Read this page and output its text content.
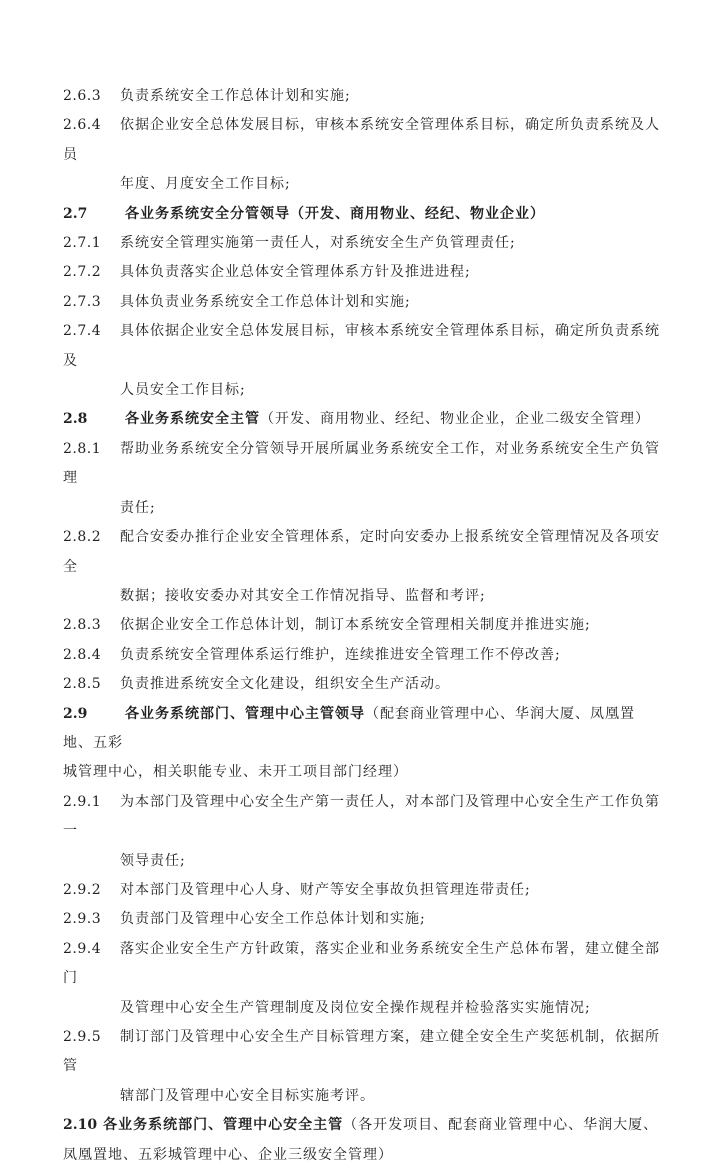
2.6.3 负责系统安全工作总体计划和实施;
2.6.4 依据企业安全总体发展目标，审核本系统安全管理体系目标，确定所负责系统及人员
年度、月度安全工作目标;
2.7	各业务系统安全分管领导（开发、商用物业、经纪、物业企业）
2.7.1 系统安全管理实施第一责任人，对系统安全生产负管理责任;
2.7.2 具体负责落实企业总体安全管理体系方针及推进进程;
2.7.3 具体负责业务系统安全工作总体计划和实施;
2.7.4 具体依据企业安全总体发展目标，审核本系统安全管理体系目标，确定所负责系统及
人员安全工作目标;
2.8	各业务系统安全主管（开发、商用物业、经纪、物业企业，企业二级安全管理）
2.8.1 帮助业务系统安全分管领导开展所属业务系统安全工作，对业务系统安全生产负管理
责任;
2.8.2 配合安委办推行企业安全管理体系，定时向安委办上报系统安全管理情况及各项安全
数据；接收安委办对其安全工作情况指导、监督和考评;
2.8.3 依据企业安全工作总体计划，制订本系统安全管理相关制度并推进实施;
2.8.4 负责系统安全管理体系运行维护，连续推进安全管理工作不停改善;
2.8.5 负责推进系统安全文化建设，组织安全生产活动。
2.9	各业务系统部门、管理中心主管领导（配套商业管理中心、华润大厦、凤凰置地、五彩
城管理中心，相关职能专业、未开工项目部门经理）
2.9.1 为本部门及管理中心安全生产第一责任人，对本部门及管理中心安全生产工作负第一
领导责任;
2.9.2 对本部门及管理中心人身、财产等安全事故负担管理连带责任;
2.9.3 负责部门及管理中心安全工作总体计划和实施;
2.9.4 落实企业安全生产方针政策，落实企业和业务系统安全生产总体布署，建立健全部门
及管理中心安全生产管理制度及岗位安全操作规程并检验落实实施情况;
2.9.5 制订部门及管理中心安全生产目标管理方案，建立健全安全生产奖惩机制，依据所管
辖部门及管理中心安全目标实施考评。
2.10 各业务系统部门、管理中心安全主管（各开发项目、配套商业管理中心、华润大厦、
凤凰置地、五彩城管理中心、企业三级安全管理）
